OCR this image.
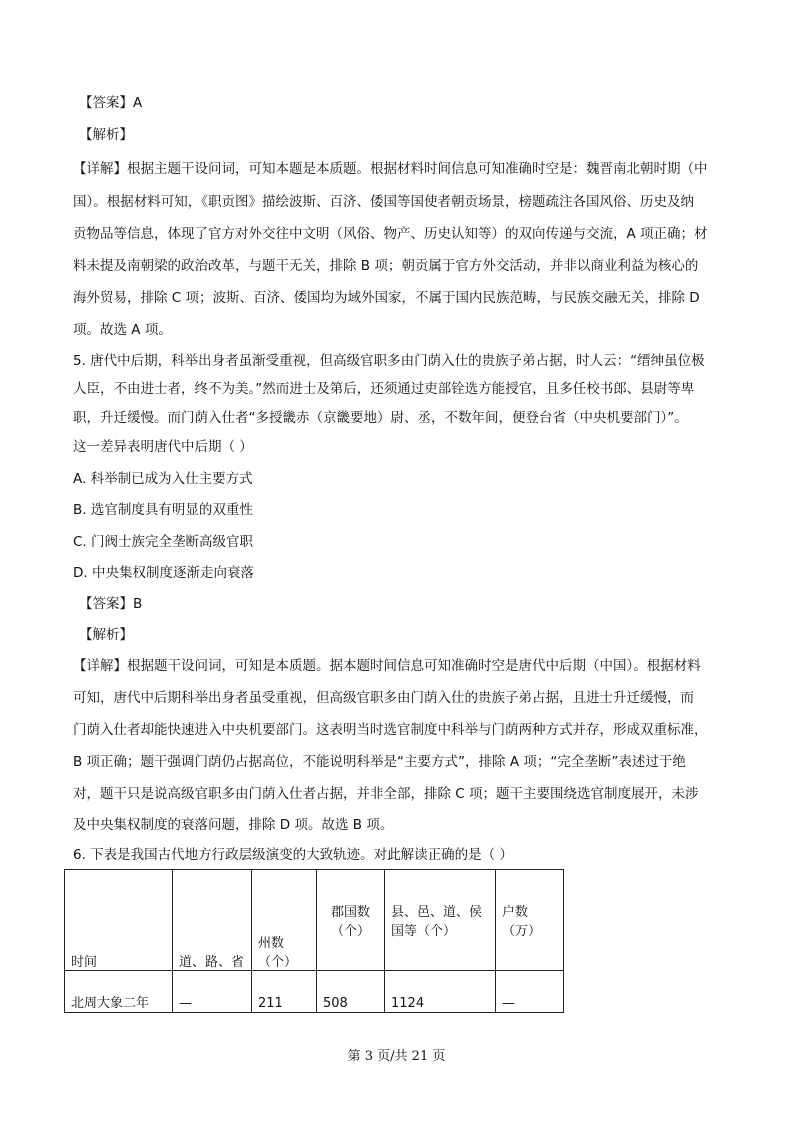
【答案】A
【解析】
【详解】根据主题干设问词，可知本题是本质题。根据材料时间信息可知准确时空是：魏晋南北朝时期（中
国）。根据材料可知，《职贡图》描绘波斯、百济、倭国等国使者朝贡场景，榜题疏注各国风俗、历史及纳
贡物品等信息，体现了官方对外交往中文明（风俗、物产、历史认知等）的双向传递与交流，A 项正确；材
料未提及南朝梁的政治改革，与题干无关，排除 B 项；朝贡属于官方外交活动，并非以商业利益为核心的
海外贸易，排除 C 项；波斯、百济、倭国均为域外国家，不属于国内民族范畴，与民族交融无关，排除 D
项。故选 A 项。
5. 唐代中后期，科举出身者虽渐受重视，但高级官职多由门荫入仕的贵族子弟占据，时人云：“缙绅虽位极
人臣，不由进士者，终不为美。”然而进士及第后，还须通过吏部铨选方能授官，且多任校书郎、县尉等卑
职，升迁缓慢。而门荫入仕者“多授畿赤（京畿要地）尉、丞，不数年间，便登台省（中央机要部门）”。
这一差异表明唐代中后期（ ）
A. 科举制已成为入仕主要方式
B. 选官制度具有明显的双重性
C. 门阀士族完全垄断高级官职
D. 中央集权制度逐渐走向衰落
【答案】B
【解析】
【详解】根据题干设问词，可知是本质题。据本题时间信息可知准确时空是唐代中后期（中国）。根据材料
可知，唐代中后期科举出身者虽受重视，但高级官职多由门荫入仕的贵族子弟占据，且进士升迁缓慢，而
门荫入仕者却能快速进入中央机要部门。这表明当时选官制度中科举与门荫两种方式并存，形成双重标准，
B 项正确；题干强调门荫仍占据高位，不能说明科举是“主要方式”，排除 A 项；“完全垄断”表述过于绝
对，题干只是说高级官职多由门荫入仕者占据，并非全部，排除 C 项；题干主要围绕选官制度展开，未涉
及中央集权制度的衰落问题，排除 D 项。故选 B 项。
6. 下表是我国古代地方行政层级演变的大致轨迹。对此解读正确的是（ ）
时间	道、路、省	州数（个）	郡国数（个）	县、邑、道、侯国等（个）	户数（万）
北周大象二年	—	211	508	1124	—
第 3 页/共 21 页
